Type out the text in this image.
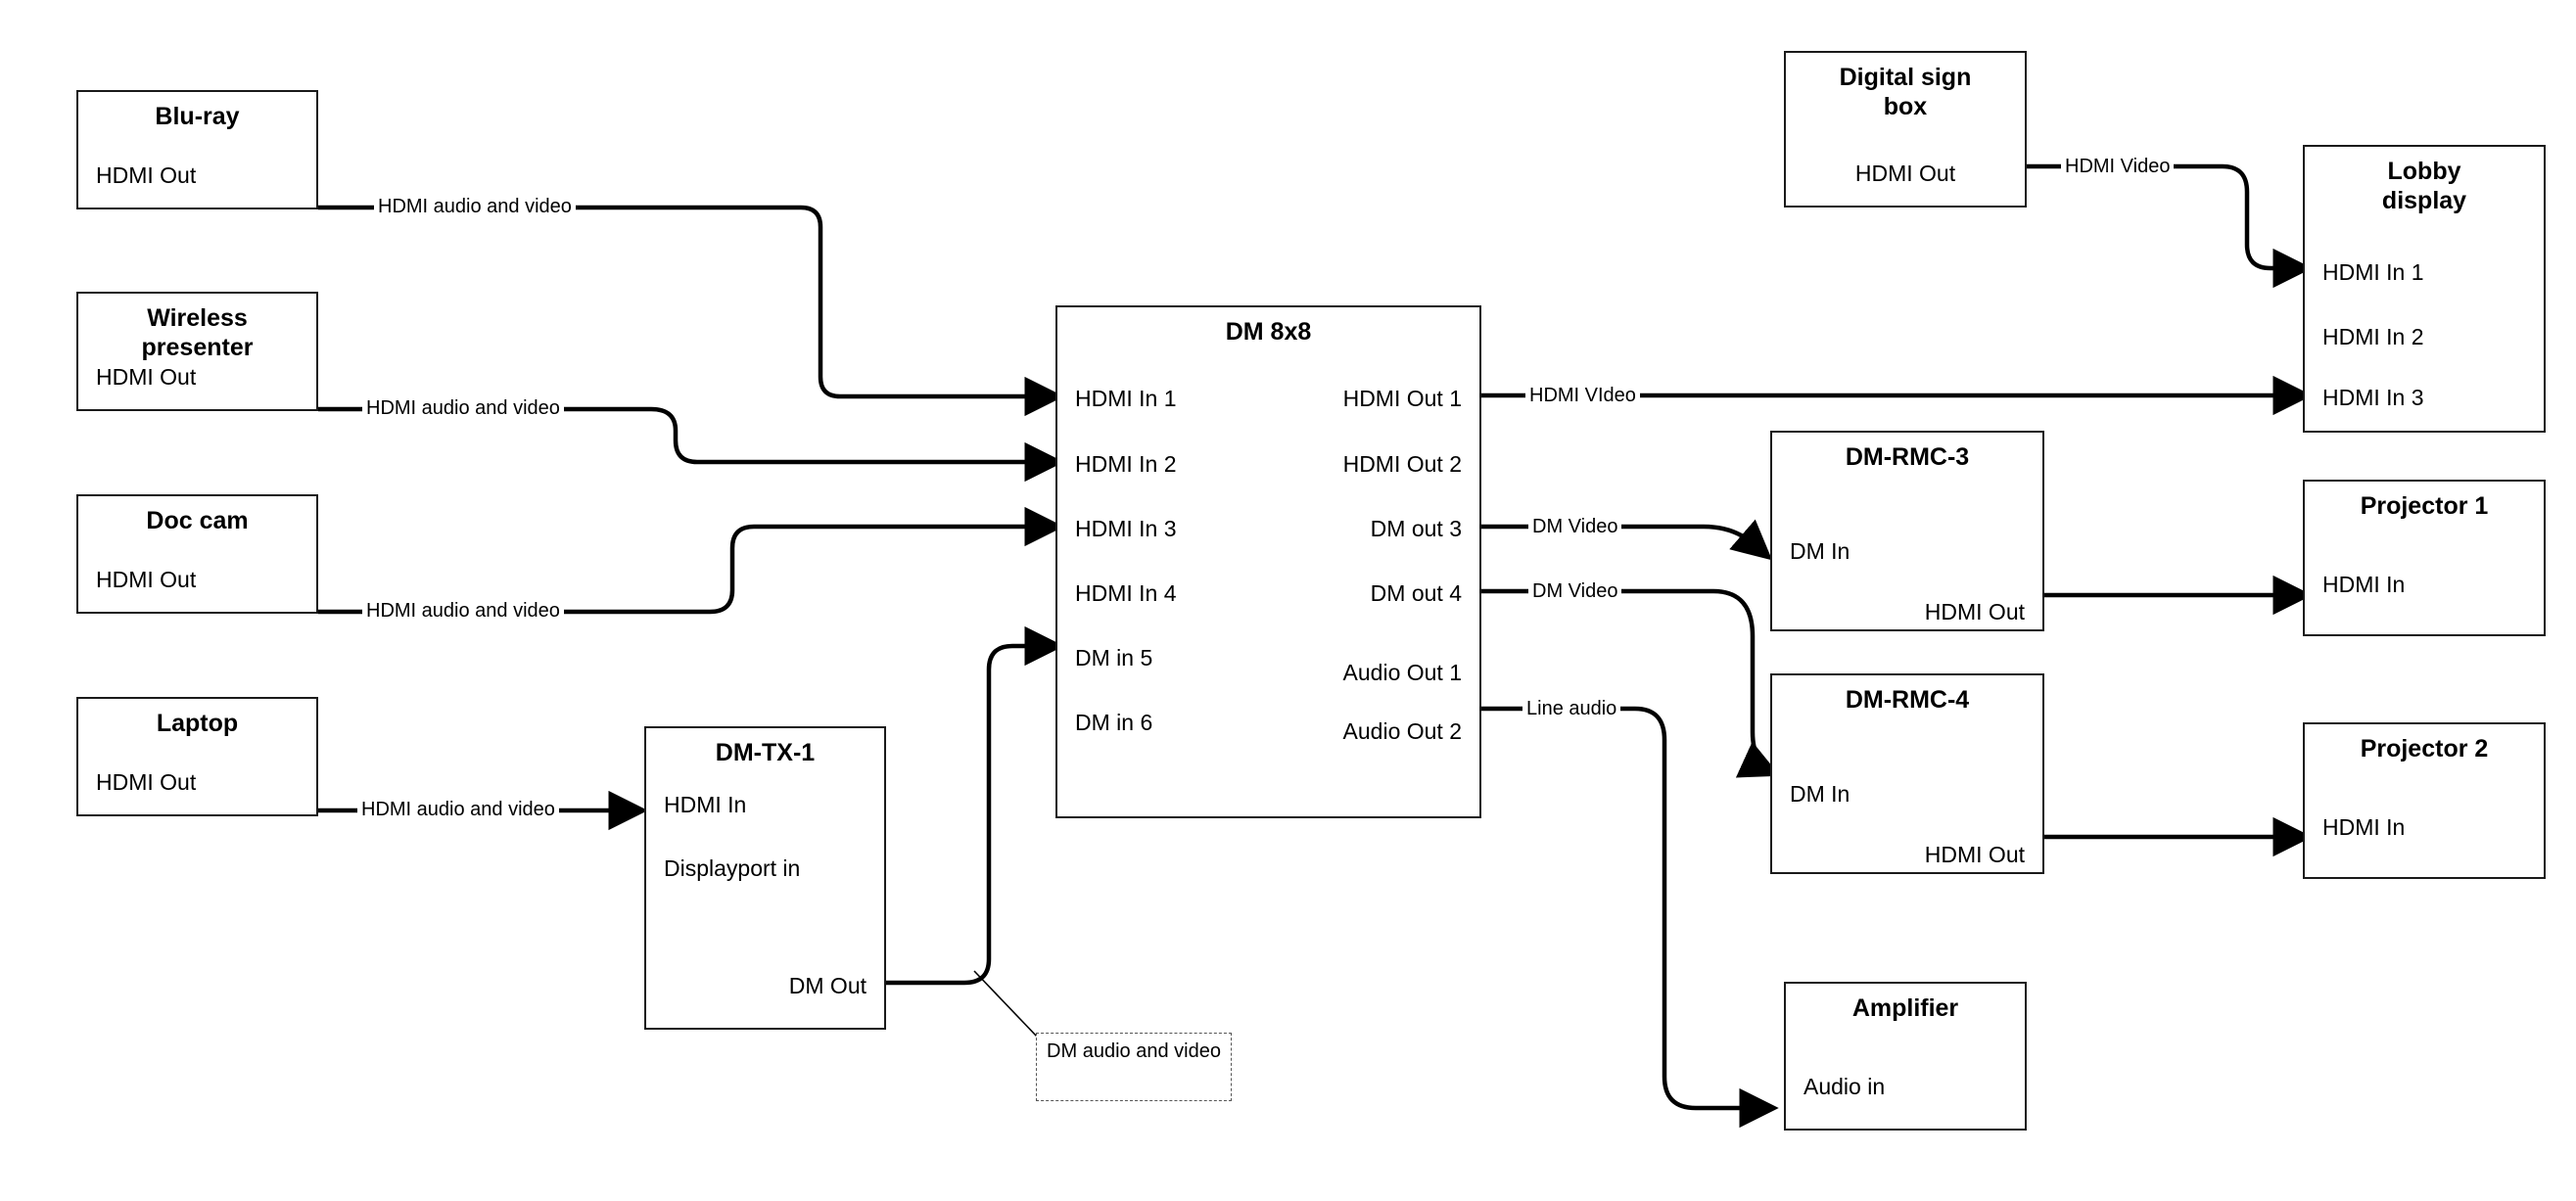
Blu-ray
HDMI Out
Wireless presenter
HDMI Out
Doc cam
HDMI Out
Laptop
HDMI Out
DM-TX-1
HDMI In
Displayport in
DM Out
DM 8x8
HDMI In 1
HDMI In 2
HDMI In 3
HDMI In 4
DM in 5
DM in 6
HDMI Out 1
HDMI Out 2
DM out 3
DM out 4
Audio Out 1
Audio Out 2
Digital sign box
HDMI Out	Lobby display
HDMI In 1
HDMI In 2
HDMI In 3
DM-RMC-3
DM In
HDMI Out
DM-RMC-4
DM In
HDMI Out
Projector 1
HDMI In
Projector 2
HDMI In
Amplifier
Audio in
HDMI audio and video
HDMI audio and video
HDMI audio and video
HDMI audio and video
HDMI Video
HDMI VIdeo
DM Video
DM Video
Line audio
DM audio and video
